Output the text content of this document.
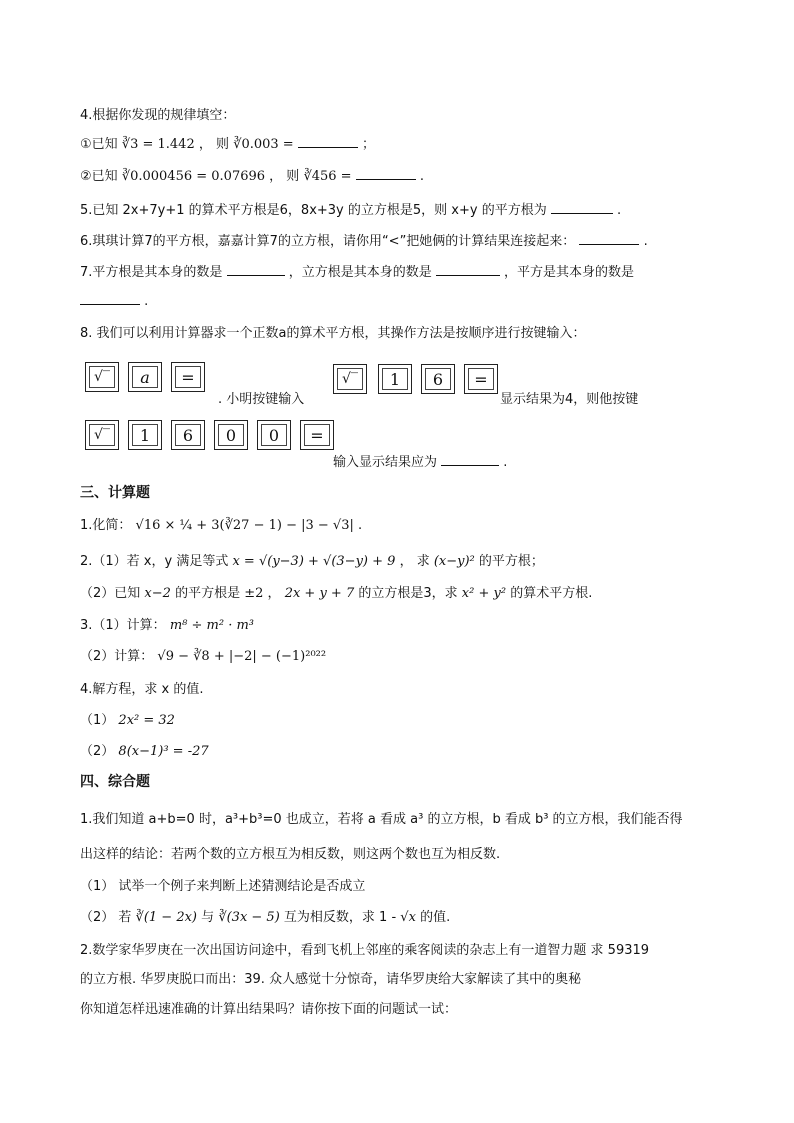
4.根据你发现的规律填空：
①已知 ∛3 = 1.442 ， 则 ∛0.003 =	；
②已知 ∛0.000456 = 0.07696 ， 则 ∛456 =	.
5.已知 2x+7y+1 的算术平方根是6，8x+3y 的立方根是5，则 x+y 的平方根为	.
6.琪琪计算7的平方根，嘉嘉计算7的立方根，请你用“<”把她俩的计算结果连接起来：	.
7.平方根是其本身的数是	，立方根是其本身的数是	，平方是其本身的数是
.
8. 我们可以利用计算器求一个正数a的算术平方根，其操作方法是按顺序进行按键输入：
√‾ a =
. 小明按键输入
√‾ 1 6 =
显示结果为4，则他按键
√‾ 1 6 0 0 =
输入显示结果应为	.
三、计算题
1.化简： √16 × ¼ + 3(∛27 − 1) − |3 − √3| .
2.（1）若 x，y 满足等式 x = √(y−3) + √(3−y) + 9 ， 求 (x−y)² 的平方根；
（2）已知 x−2 的平方根是 ±2 ， 2x + y + 7 的立方根是3，求 x² + y² 的算术平方根.
3.（1）计算： m⁸ ÷ m² · m³
（2）计算： √9 − ∛8 + |−2| − (−1)²⁰²²
4.解方程，求 x 的值.
（1） 2x² = 32
（2） 8(x−1)³ = -27
四、综合题
1.我们知道 a+b=0 时，a³+b³=0 也成立，若将 a 看成 a³ 的立方根，b 看成 b³ 的立方根，我们能否得
出这样的结论：若两个数的立方根互为相反数，则这两个数也互为相反数.
（1） 试举一个例子来判断上述猜测结论是否成立
（2） 若 ∛(1 − 2x) 与 ∛(3x − 5) 互为相反数，求 1 - √x 的值.
2.数学家华罗庚在一次出国访问途中，看到飞机上邻座的乘客阅读的杂志上有一道智力题 求 59319
的立方根. 华罗庚脱口而出：39. 众人感觉十分惊奇，请华罗庚给大家解读了其中的奥秘
你知道怎样迅速准确的计算出结果吗？请你按下面的问题试一试：
